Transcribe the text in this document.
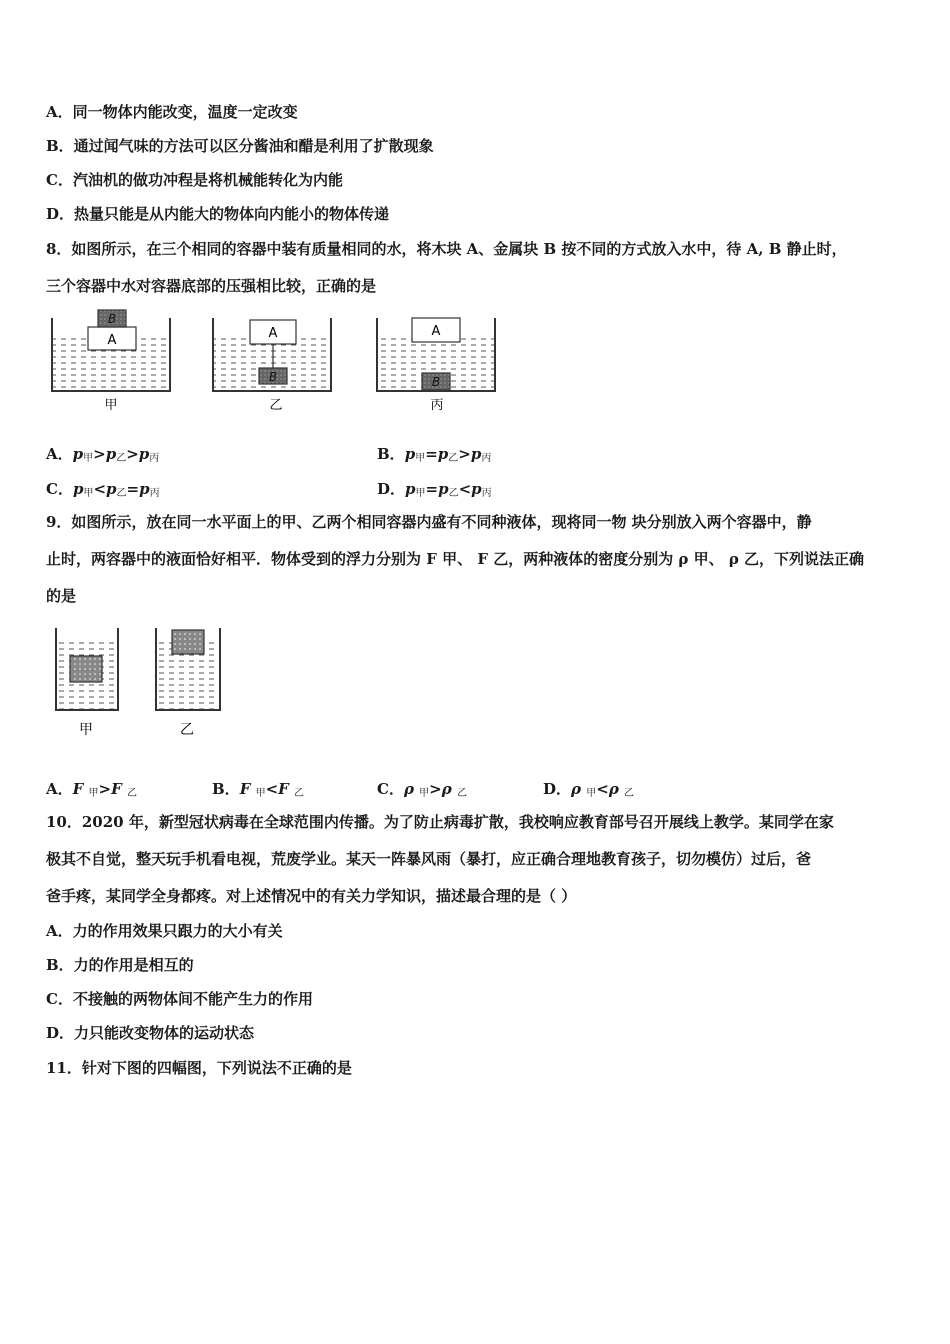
A．同一物体内能改变，温度一定改变
B．通过闻气味的方法可以区分酱油和醋是利用了扩散现象
C．汽油机的做功冲程是将机械能转化为内能
D．热量只能是从内能大的物体向内能小的物体传递
8．如图所示，在三个相同的容器中装有质量相同的水，将木块 A、金属块 B 按不同的方式放入水中，待 A, B 静止时，
三个容器中水对容器底部的压强相比较，正确的是
A
B
甲
A
B
乙
A
B
丙
A．$p_甲>p_乙>p_丙$	B．$p_甲=p_乙>p_丙$
C．$p_甲<p_乙=p_丙$	D．$p_甲=p_乙<p_丙$
9．如图所示，放在同一水平面上的甲、乙两个相同容器内盛有不同种液体，现将同一物 块分别放入两个容器中，静
止时，两容器中的液面恰好相平．物体受到的浮力分别为 F 甲、 F 乙，两种液体的密度分别为 ρ 甲、 ρ 乙，下列说法正确
的是
甲	乙
A．F $_甲$>F $_乙$	B．F $_甲$<F $_乙$	C．ρ $_甲$>ρ $_乙$	D．ρ $_甲$<ρ $_乙$
10．2020 年，新型冠状病毒在全球范围内传播。为了防止病毒扩散，我校响应教育部号召开展线上教学。某同学在家
极其不自觉，整天玩手机看电视，荒废学业。某天一阵暴风雨（暴打，应正确合理地教育孩子，切勿模仿）过后，爸
爸手疼，某同学全身都疼。对上述情况中的有关力学知识，描述最合理的是（ ）
A．力的作用效果只跟力的大小有关
B．力的作用是相互的
C．不接触的两物体间不能产生力的作用
D．力只能改变物体的运动状态
11．针对下图的四幅图，下列说法不正确的是
